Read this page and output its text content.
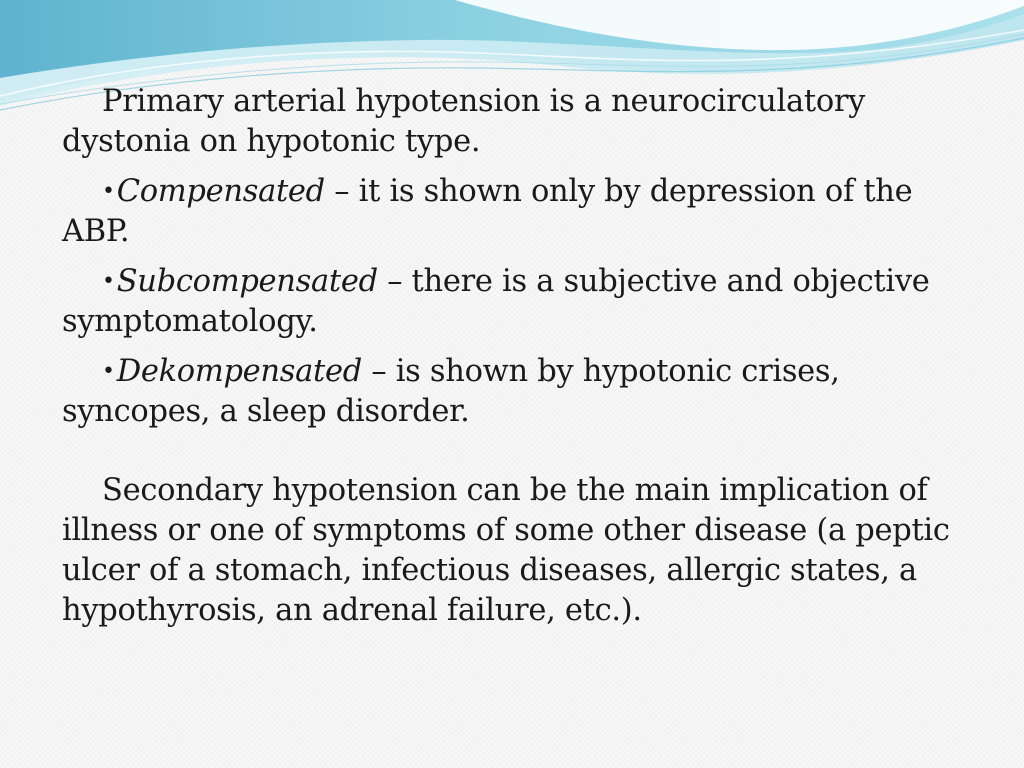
Primary arterial hypotension is a neurocirculatory dystonia on hypotonic type.

•Compensated – it is shown only by depression of the ABP.

•Subcompensated – there is a subjective and objective symptomatology.

•Dekompensated – is shown by hypotonic crises, syncopes, a sleep disorder.

Secondary hypotension can be the main implication of illness or one of symptoms of some other disease (a peptic ulcer of a stomach, infectious diseases, allergic states, a hypothyrosis, an adrenal failure, etc.).
